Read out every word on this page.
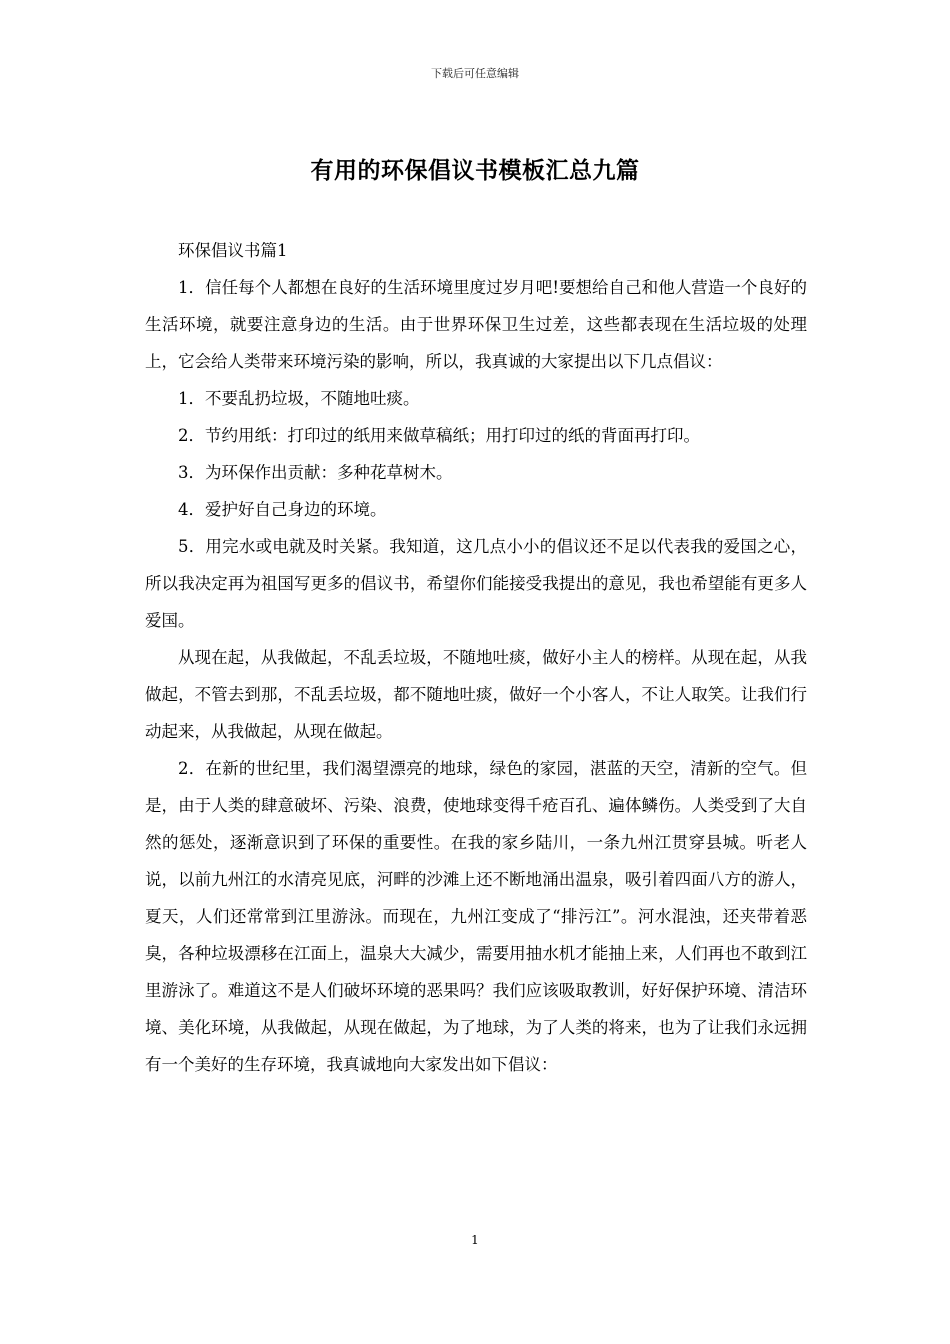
下载后可任意编辑
有用的环保倡议书模板汇总九篇

环保倡议书篇1

1．信任每个人都想在良好的生活环境里度过岁月吧!要想给自己和他人营造一个良好的生活环境，就要注意身边的生活。由于世界环保卫生过差，这些都表现在生活垃圾的处理上，它会给人类带来环境污染的影响，所以，我真诚的大家提出以下几点倡议：

1．不要乱扔垃圾，不随地吐痰。

2．节约用纸：打印过的纸用来做草稿纸；用打印过的纸的背面再打印。

3．为环保作出贡献：多种花草树木。

4．爱护好自己身边的环境。

5．用完水或电就及时关紧。我知道，这几点小小的倡议还不足以代表我的爱国之心，所以我决定再为祖国写更多的倡议书，希望你们能接受我提出的意见，我也希望能有更多人爱国。

从现在起，从我做起，不乱丢垃圾，不随地吐痰，做好小主人的榜样。从现在起，从我做起，不管去到那，不乱丢垃圾，都不随地吐痰，做好一个小客人，不让人取笑。让我们行动起来，从我做起，从现在做起。

2．在新的世纪里，我们渴望漂亮的地球，绿色的家园，湛蓝的天空，清新的空气。但是，由于人类的肆意破坏、污染、浪费，使地球变得千疮百孔、遍体鳞伤。人类受到了大自然的惩处，逐渐意识到了环保的重要性。在我的家乡陆川，一条九州江贯穿县城。听老人说，以前九州江的水清亮见底，河畔的沙滩上还不断地涌出温泉，吸引着四面八方的游人，夏天，人们还常常到江里游泳。而现在，九州江变成了“排污江”。河水混浊，还夹带着恶臭，各种垃圾漂移在江面上，温泉大大减少，需要用抽水机才能抽上来，人们再也不敢到江里游泳了。难道这不是人们破坏环境的恶果吗？我们应该吸取教训，好好保护环境、清洁环境、美化环境，从我做起，从现在做起，为了地球，为了人类的将来，也为了让我们永远拥有一个美好的生存环境，我真诚地向大家发出如下倡议：

1
